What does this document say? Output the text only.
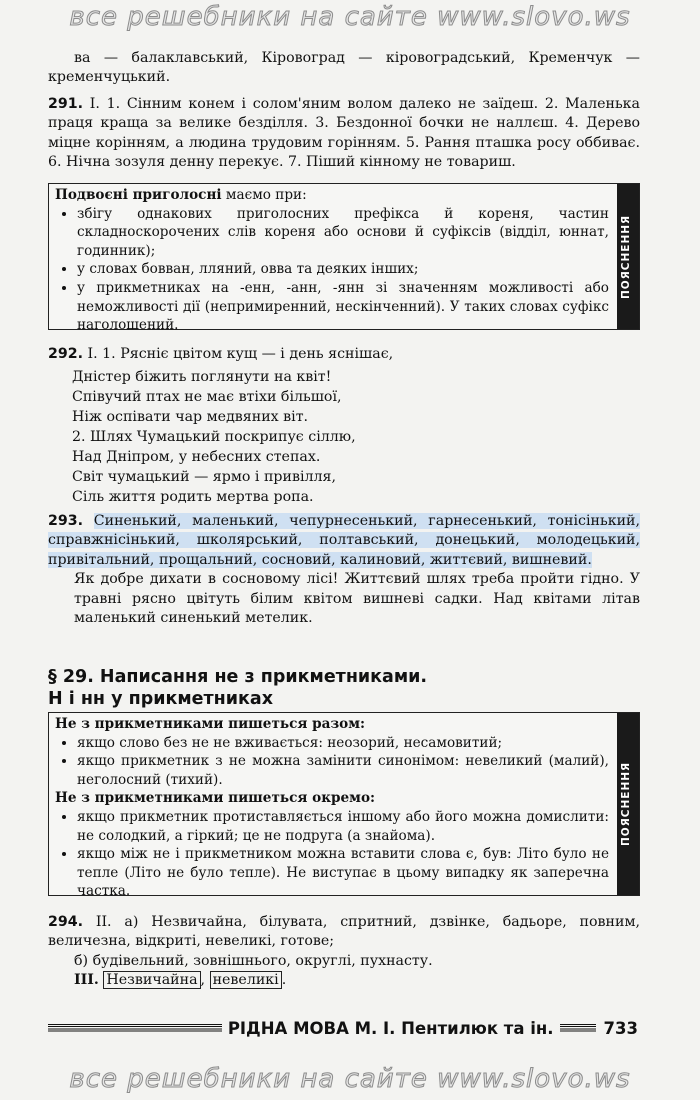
все решебники на сайте www.slovo.ws
ва — балаклавський, Кіровоград — кіровоградський, Кременчук — кременчуцький.
291. I. 1. Сінним конем і солом'яним волом далеко не заїдеш. 2. Маленька праця краща за велике безділля. 3. Бездонної бочки не наллєш. 4. Дерево міцне корінням, а людина трудовим горінням. 5. Рання пташка росу оббиває. 6. Нічна зозуля денну перекує. 7. Піший кінному не товариш.
Подвоєні приголосні маємо при:
• збігу однакових приголосних префікса й кореня, частин складноскорочених слів кореня або основи й суфіксів (відділ, юннат, годинник);
• у словах бовван, лляний, овва та деяких інших;
• у прикметниках на -енн, -анн, -янн зі значенням можливості або неможливості дії (непримиренний, нескінченний). У таких словах суфікс наголошений.
ПОЯСНЕННЯ
292. I. 1. Рясніє цвітом кущ — і день яснішає,
Дністер біжить поглянути на квіт!
Співучий птах не має втіхи більшої,
Ніж оспівати чар медвяних віт.
2. Шлях Чумацький поскрипує сіллю,
Над Дніпром, у небесних степах.
Світ чумацький — ярмо і привілля,
Сіль життя родить мертва ропа.
293. Синенький, маленький, чепурнесенький, гарнесенький, тонісінький, справжнісінький, школярський, полтавський, донецький, молодецький, привітальний, прощальний, сосновий, калиновий, життєвий, вишневий.
Як добре дихати в сосновому лісі! Життєвий шлях треба пройти гідно. У травні рясно цвітуть білим квітом вишневі садки. Над квітами літав маленький синенький метелик.
§ 29. Написання не з прикметниками.
Н і нн у прикметниках
Не з прикметниками пишеться разом:
• якщо слово без не не вживається: неозорий, несамовитий;
• якщо прикметник з не можна замінити синонімом: невеликий (малий), неголосний (тихий).
Не з прикметниками пишеться окремо:
• якщо прикметник протиставляється іншому або його можна домислити: не солодкий, а гіркий; це не подруга (а знайома).
• якщо між не і прикметником можна вставити слова є, був: Літо було не тепле (Літо не було тепле). Не виступає в цьому випадку як заперечна частка.
ПОЯСНЕННЯ
294. II. а) Незвичайна, білувата, спритний, дзвінке, бадьоре, повним, величезна, відкриті, невеликі, готове;
б) будівельний, зовнішнього, округлі, пухнасту.
III. Незвичайна , невеликі .
РІДНА МОВА М. І. Пентилюк та ін.	733
все решебники на сайте www.slovo.ws
